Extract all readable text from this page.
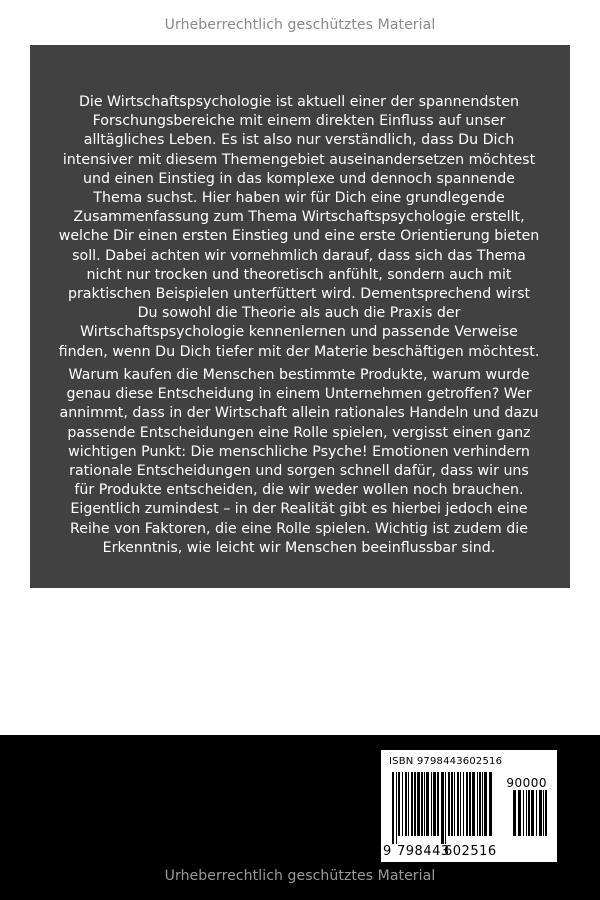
Urheberrechtlich geschütztes Material

Die Wirtschaftspsychologie ist aktuell einer der spannendsten Forschungsbereiche mit einem direkten Einfluss auf unser alltägliches Leben. Es ist also nur verständlich, dass Du Dich intensiver mit diesem Themengebiet auseinandersetzen möchtest und einen Einstieg in das komplexe und dennoch spannende Thema suchst. Hier haben wir für Dich eine grundlegende Zusammenfassung zum Thema Wirtschaftspsychologie erstellt, welche Dir einen ersten Einstieg und eine erste Orientierung bieten soll. Dabei achten wir vornehmlich darauf, dass sich das Thema nicht nur trocken und theoretisch anfühlt, sondern auch mit praktischen Beispielen unterfüttert wird. Dementsprechend wirst Du sowohl die Theorie als auch die Praxis der Wirtschaftspsychologie kennenlernen und passende Verweise finden, wenn Du Dich tiefer mit der Materie beschäftigen möchtest.

Warum kaufen die Menschen bestimmte Produkte, warum wurde genau diese Entscheidung in einem Unternehmen getroffen? Wer annimmt, dass in der Wirtschaft allein rationales Handeln und dazu passende Entscheidungen eine Rolle spielen, vergisst einen ganz wichtigen Punkt: Die menschliche Psyche! Emotionen verhindern rationale Entscheidungen und sorgen schnell dafür, dass wir uns für Produkte entscheiden, die wir weder wollen noch brauchen. Eigentlich zumindest – in der Realität gibt es hierbei jedoch eine Reihe von Faktoren, die eine Rolle spielen. Wichtig ist zudem die Erkenntnis, wie leicht wir Menschen beeinflussbar sind.

ISBN 9798443602516
90000
9 798443
602516
Urheberrechtlich geschütztes Material
